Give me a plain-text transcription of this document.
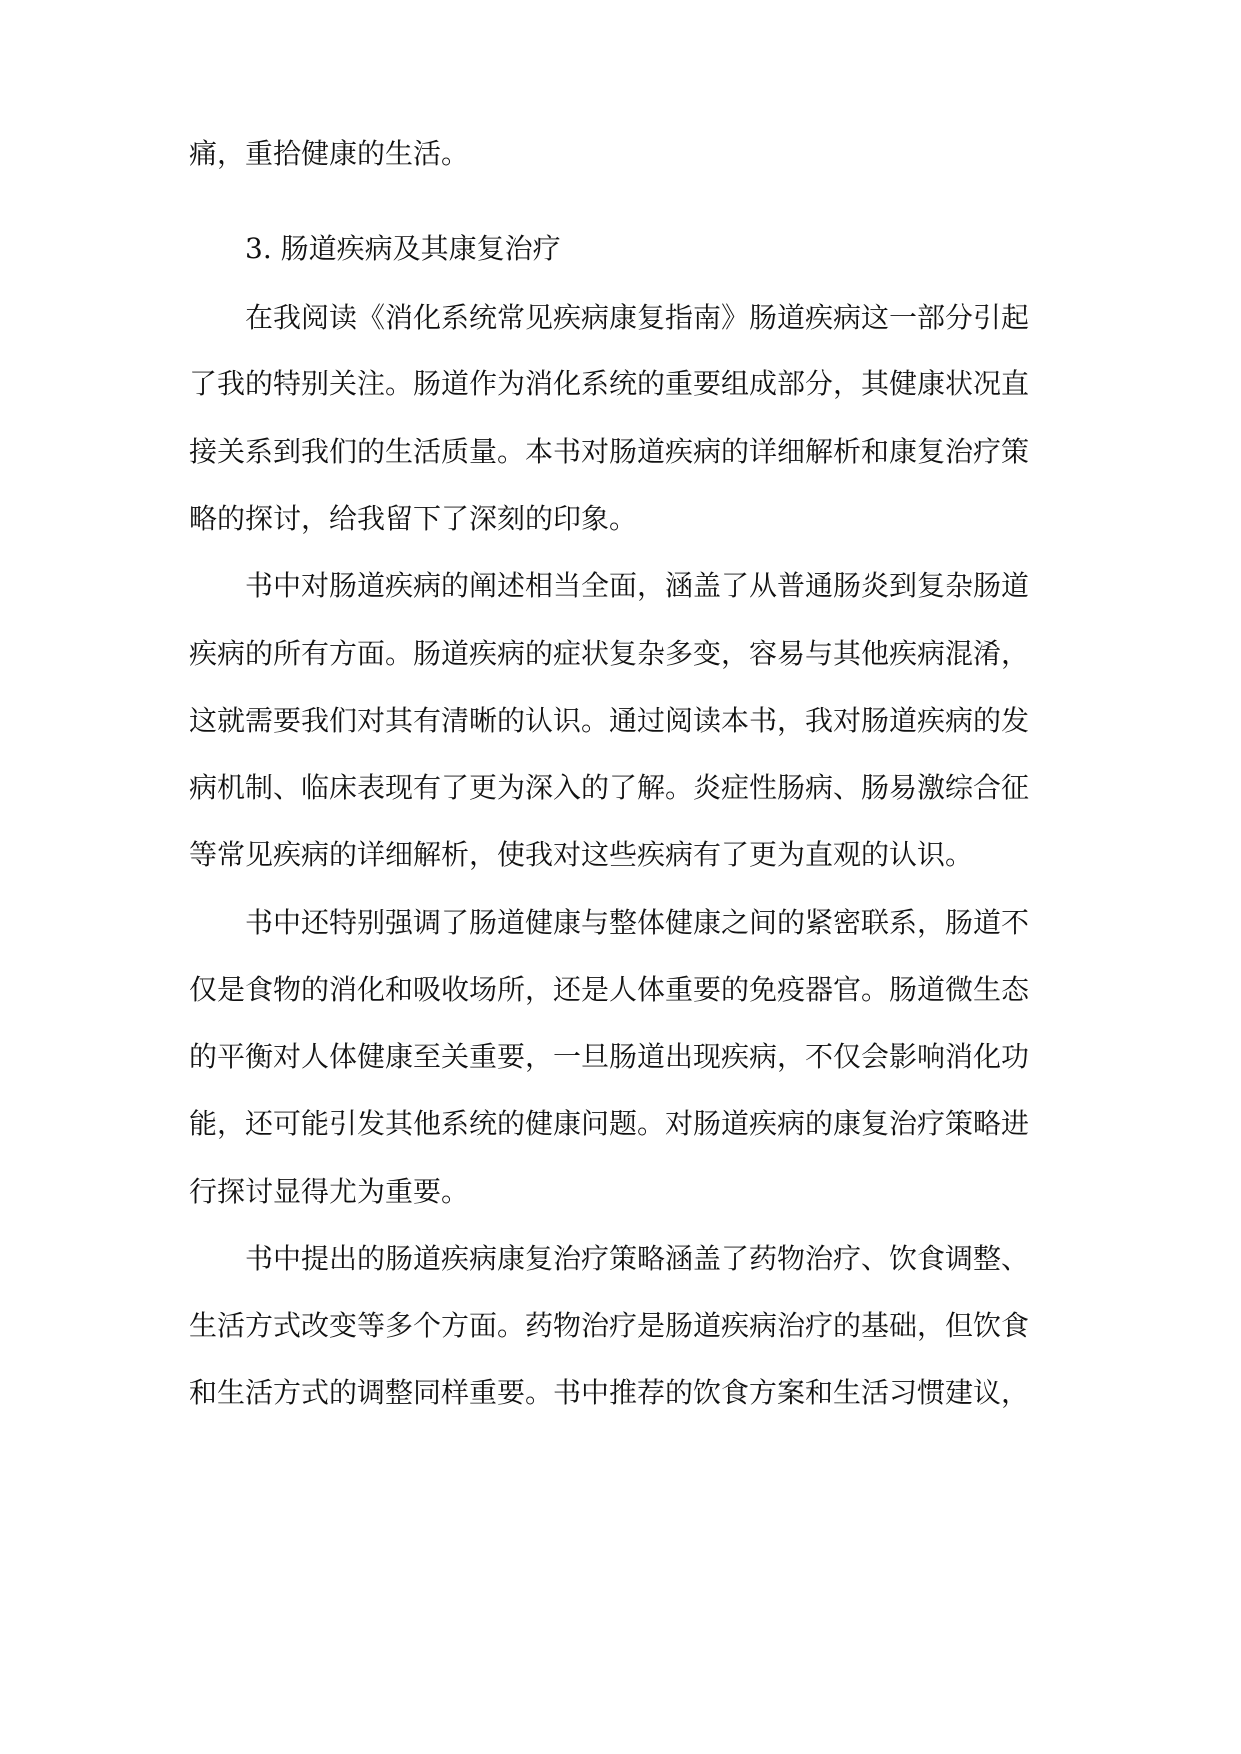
痛，重拾健康的生活。
3. 肠道疾病及其康复治疗
在我阅读《消化系统常见疾病康复指南》肠道疾病这一部分引起
了我的特别关注。肠道作为消化系统的重要组成部分，其健康状况直
接关系到我们的生活质量。本书对肠道疾病的详细解析和康复治疗策
略的探讨，给我留下了深刻的印象。
书中对肠道疾病的阐述相当全面，涵盖了从普通肠炎到复杂肠道
疾病的所有方面。肠道疾病的症状复杂多变，容易与其他疾病混淆，
这就需要我们对其有清晰的认识。通过阅读本书，我对肠道疾病的发
病机制、临床表现有了更为深入的了解。炎症性肠病、肠易激综合征
等常见疾病的详细解析，使我对这些疾病有了更为直观的认识。
书中还特别强调了肠道健康与整体健康之间的紧密联系，肠道不
仅是食物的消化和吸收场所，还是人体重要的免疫器官。肠道微生态
的平衡对人体健康至关重要，一旦肠道出现疾病，不仅会影响消化功
能，还可能引发其他系统的健康问题。对肠道疾病的康复治疗策略进
行探讨显得尤为重要。
书中提出的肠道疾病康复治疗策略涵盖了药物治疗、饮食调整、
生活方式改变等多个方面。药物治疗是肠道疾病治疗的基础，但饮食
和生活方式的调整同样重要。书中推荐的饮食方案和生活习惯建议，
